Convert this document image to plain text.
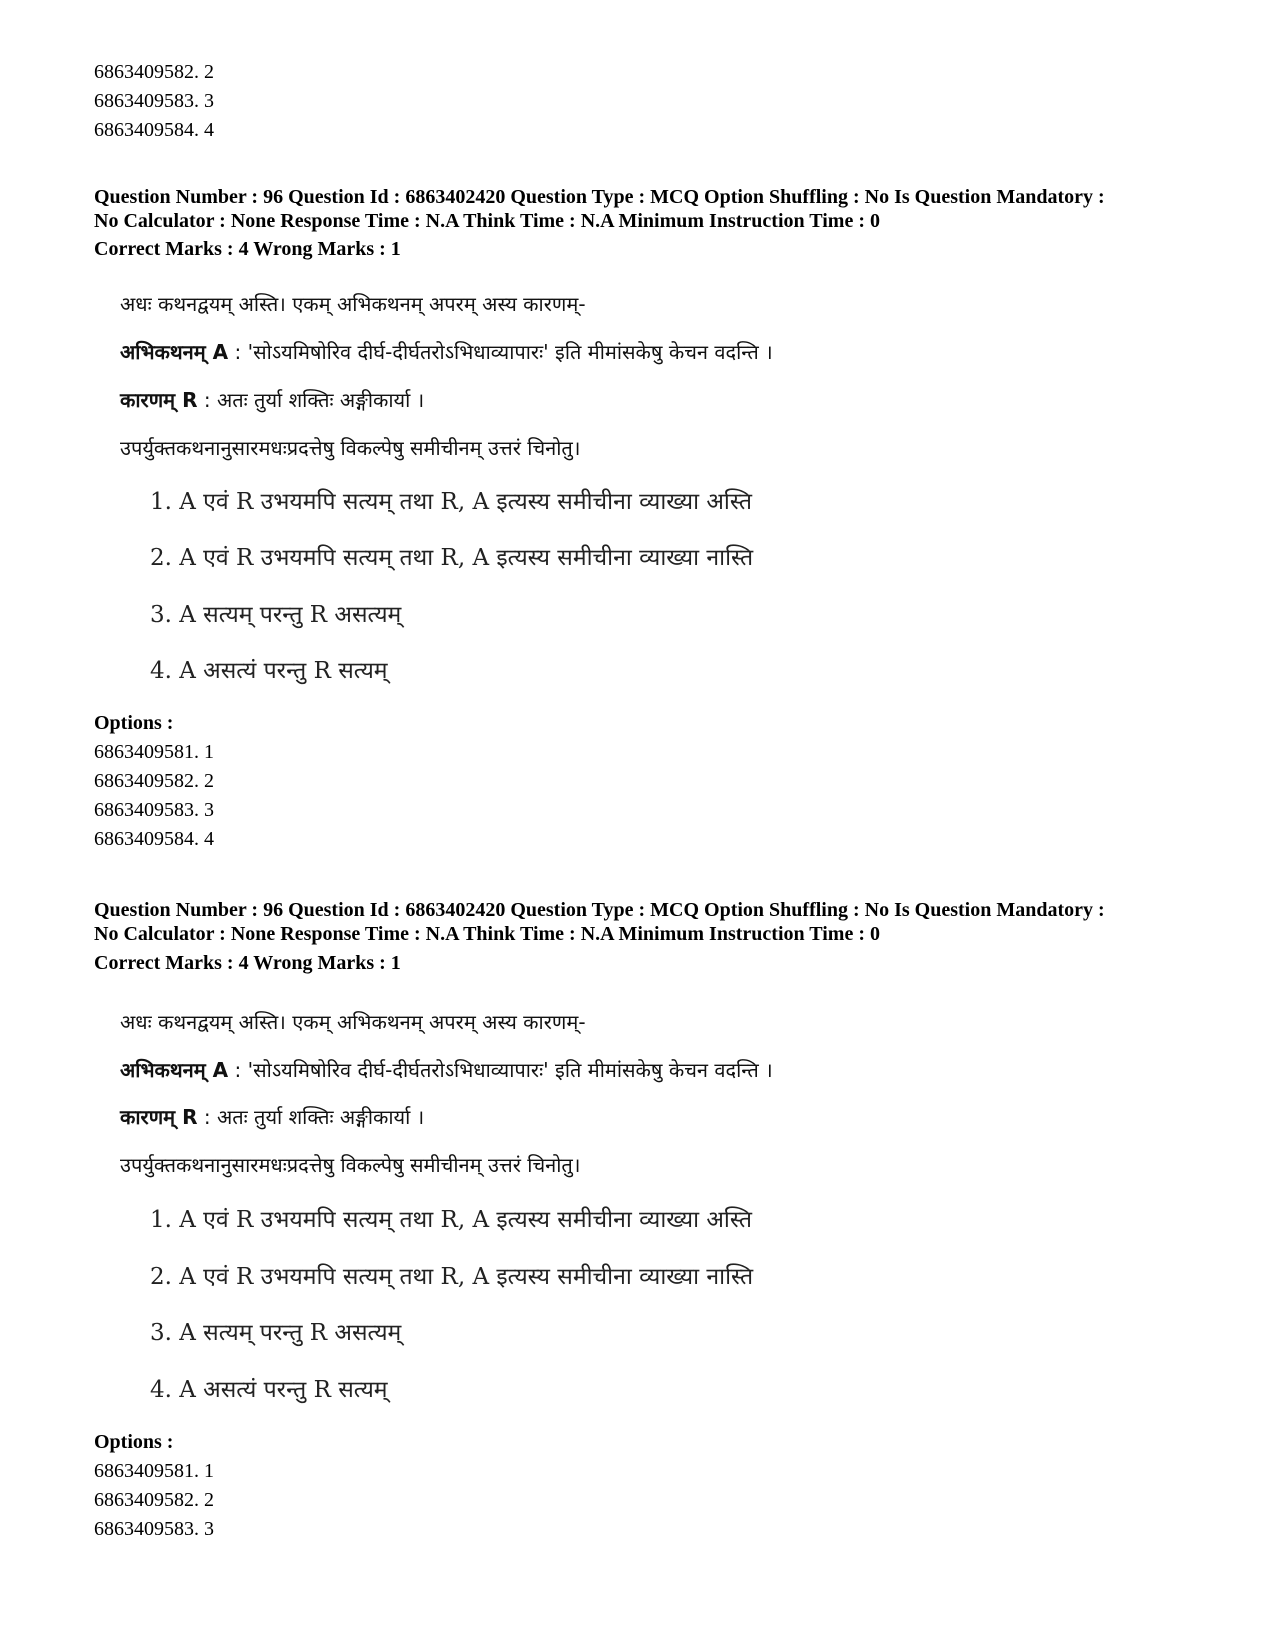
6863409582. 2
6863409583. 3
6863409584. 4
Question Number : 96 Question Id : 6863402420 Question Type : MCQ Option Shuffling : No Is Question Mandatory :
No Calculator : None Response Time : N.A Think Time : N.A Minimum Instruction Time : 0
Correct Marks : 4 Wrong Marks : 1
अधः कथनद्वयम् अस्ति। एकम् अभिकथनम् अपरम् अस्य कारणम्-
अभिकथनम् A : 'सोऽयमिषोरिव दीर्घ-दीर्घतरोऽभिधाव्यापारः' इति मीमांसकेषु केचन वदन्ति ।
कारणम् R : अतः तुर्या शक्तिः अङ्गीकार्या ।
उपर्युक्तकथनानुसारमधःप्रदत्तेषु विकल्पेषु समीचीनम् उत्तरं चिनोतु।
1. A एवं R उभयमपि सत्यम् तथा R, A इत्यस्य समीचीना व्याख्या अस्ति
2. A एवं R उभयमपि सत्यम् तथा R, A इत्यस्य समीचीना व्याख्या नास्ति
3. A सत्यम् परन्तु R असत्यम्
4. A असत्यं परन्तु R सत्यम्
Options :
6863409581. 1
6863409582. 2
6863409583. 3
6863409584. 4
Question Number : 96 Question Id : 6863402420 Question Type : MCQ Option Shuffling : No Is Question Mandatory :
No Calculator : None Response Time : N.A Think Time : N.A Minimum Instruction Time : 0
Correct Marks : 4 Wrong Marks : 1
अधः कथनद्वयम् अस्ति। एकम् अभिकथनम् अपरम् अस्य कारणम्-
अभिकथनम् A : 'सोऽयमिषोरिव दीर्घ-दीर्घतरोऽभिधाव्यापारः' इति मीमांसकेषु केचन वदन्ति ।
कारणम् R : अतः तुर्या शक्तिः अङ्गीकार्या ।
उपर्युक्तकथनानुसारमधःप्रदत्तेषु विकल्पेषु समीचीनम् उत्तरं चिनोतु।
1. A एवं R उभयमपि सत्यम् तथा R, A इत्यस्य समीचीना व्याख्या अस्ति
2. A एवं R उभयमपि सत्यम् तथा R, A इत्यस्य समीचीना व्याख्या नास्ति
3. A सत्यम् परन्तु R असत्यम्
4. A असत्यं परन्तु R सत्यम्
Options :
6863409581. 1
6863409582. 2
6863409583. 3
